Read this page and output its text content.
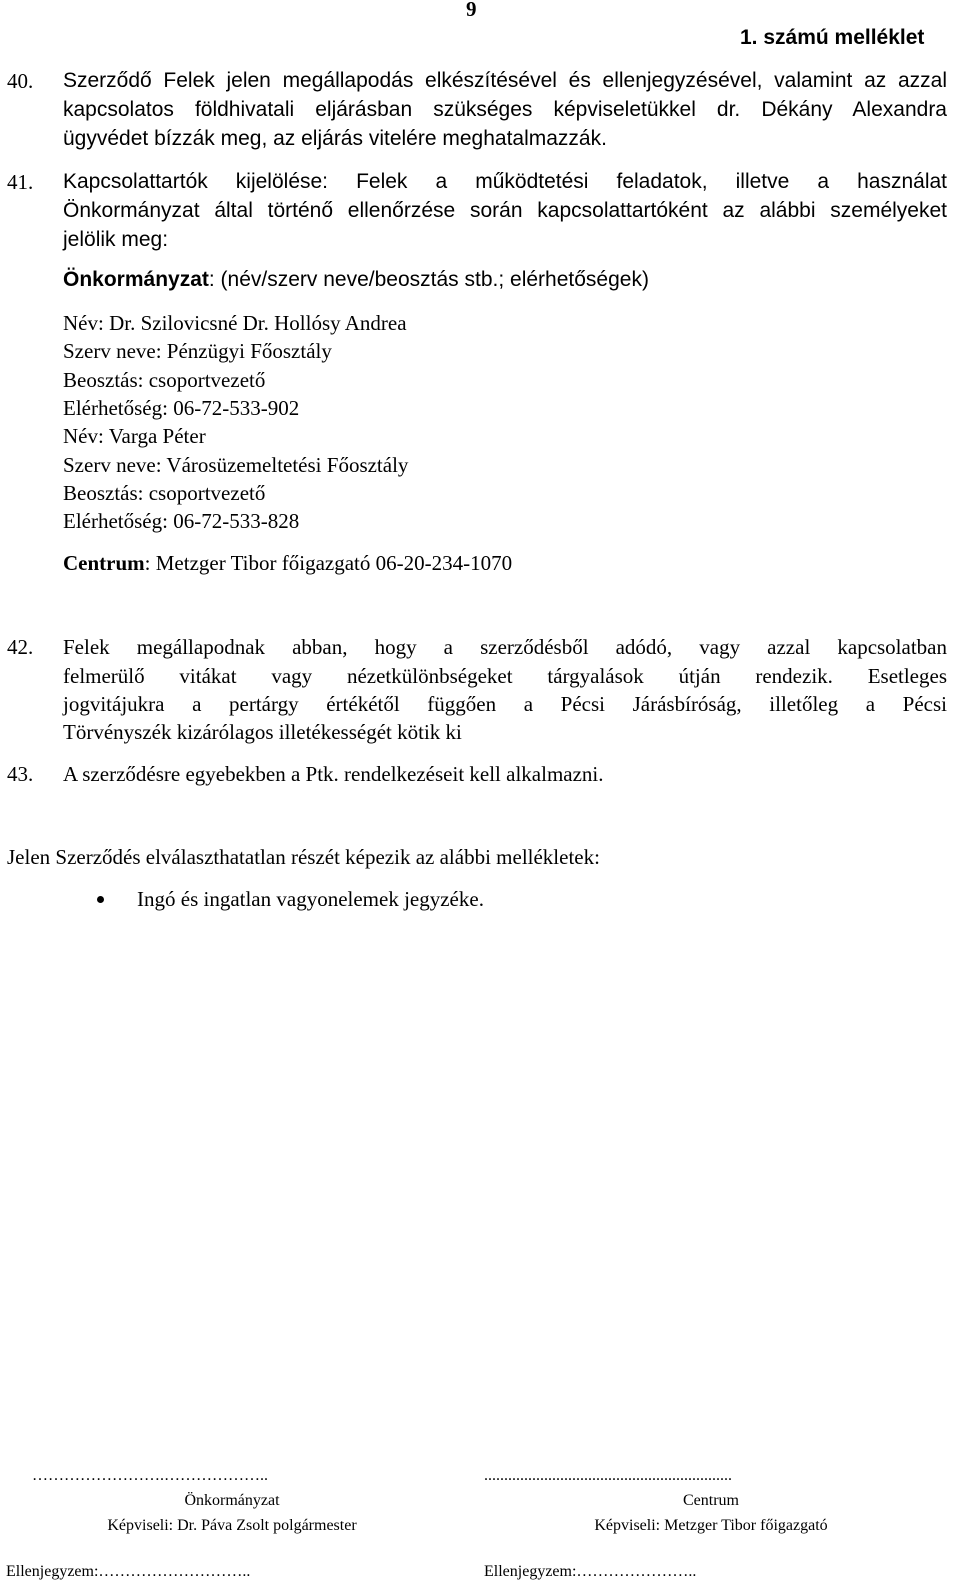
9
1. számú melléklet
40. Szerződő Felek jelen megállapodás elkészítésével és ellenjegyzésével, valamint az azzal
kapcsolatos földhivatali eljárásban szükséges képviseletükkel dr. Dékány Alexandra
ügyvédet bízzák meg, az eljárás vitelére meghatalmazzák.
41. Kapcsolattartók kijelölése: Felek a működtetési feladatok, illetve a használat
Önkormányzat által történő ellenőrzése során kapcsolattartóként az alábbi személyeket
jelölik meg:
Önkormányzat: (név/szerv neve/beosztás stb.; elérhetőségek)
Név: Dr. Szilovicsné Dr. Hollósy Andrea
Szerv neve: Pénzügyi Főosztály
Beosztás: csoportvezető
Elérhetőség: 06-72-533-902
Név: Varga Péter
Szerv neve: Városüzemeltetési Főosztály
Beosztás: csoportvezető
Elérhetőség: 06-72-533-828
Centrum: Metzger Tibor főigazgató 06-20-234-1070
42. Felek megállapodnak abban, hogy a szerződésből adódó, vagy azzal kapcsolatban
felmerülő vitákat vagy nézetkülönbségeket tárgyalások útján rendezik. Esetleges
jogvitájukra a pertárgy értékétől függően a Pécsi Járásbíróság, illetőleg a Pécsi
Törvényszék kizárólagos illetékességét kötik ki
43. A szerződésre egyebekben a Ptk. rendelkezéseit kell alkalmazni.
Jelen Szerződés elválaszthatatlan részét képezik az alábbi mellékletek:
Ingó és ingatlan vagyonelemek jegyzéke.
…………………….………………..	..............................................................
Önkormányzat	Centrum
Képviseli: Dr. Páva Zsolt polgármester	Képviseli: Metzger Tibor főigazgató
Ellenjegyzem:………………………..	Ellenjegyzem:…………………..
